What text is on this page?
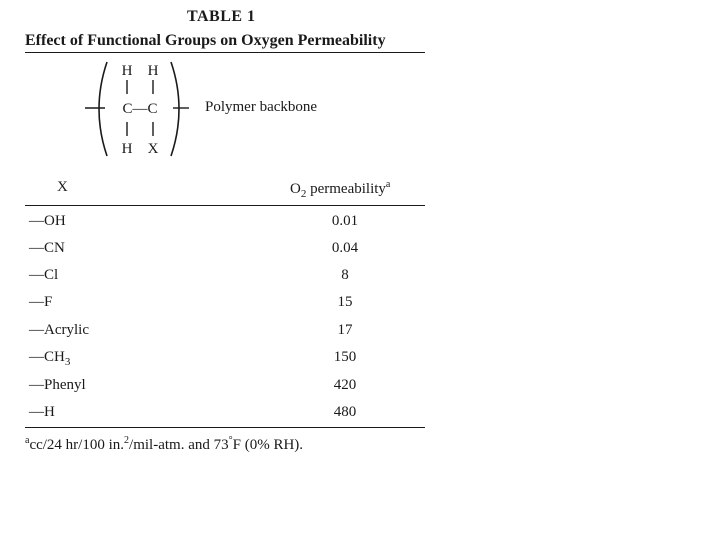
TABLE 1
Effect of Functional Groups on Oxygen Permeability
H H
C—C
H X
Polymer backbone
X	$O_2$ permeability$^a$
—OH	0.01
—CN	0.04
—Cl	8
—F	15
—Acrylic	17
$—CH_3$	150
—Phenyl	420
—H	480
$^a$cc/24 hr/100 in.$^2$/mil-atm. and 73°F (0% RH).
